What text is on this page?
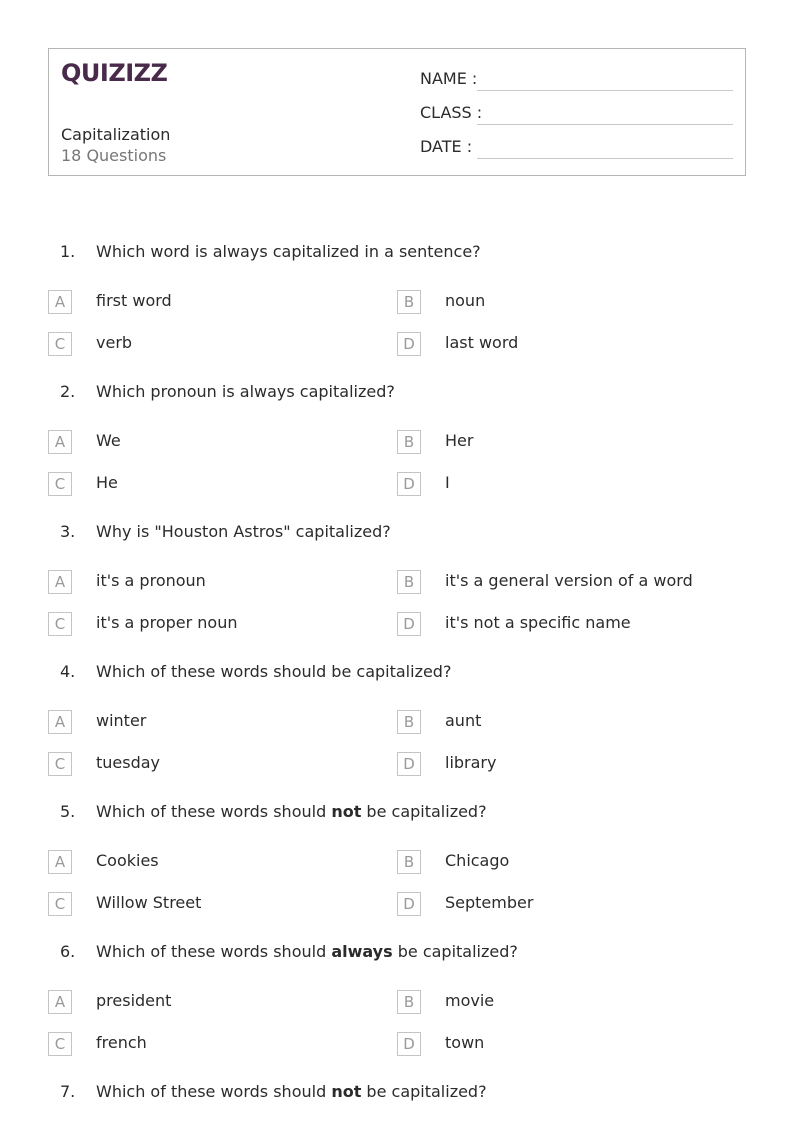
QUIZIZZ
Capitalization
18 Questions
NAME :
CLASS :
DATE :
1. Which word is always capitalized in a sentence?
A	first word	B	noun
C	verb	D	last word
2. Which pronoun is always capitalized?
A	We	B	Her
C	He	D	I
3. Why is "Houston Astros" capitalized?
A	it's a pronoun	B	it's a general version of a word
C	it's a proper noun	D	it's not a specific name
4. Which of these words should be capitalized?
A	winter	B	aunt
C	tuesday	D	library
5. Which of these words should not be capitalized?
A	Cookies	B	Chicago
C	Willow Street	D	September
6. Which of these words should always be capitalized?
A	president	B	movie
C	french	D	town
7. Which of these words should not be capitalized?
